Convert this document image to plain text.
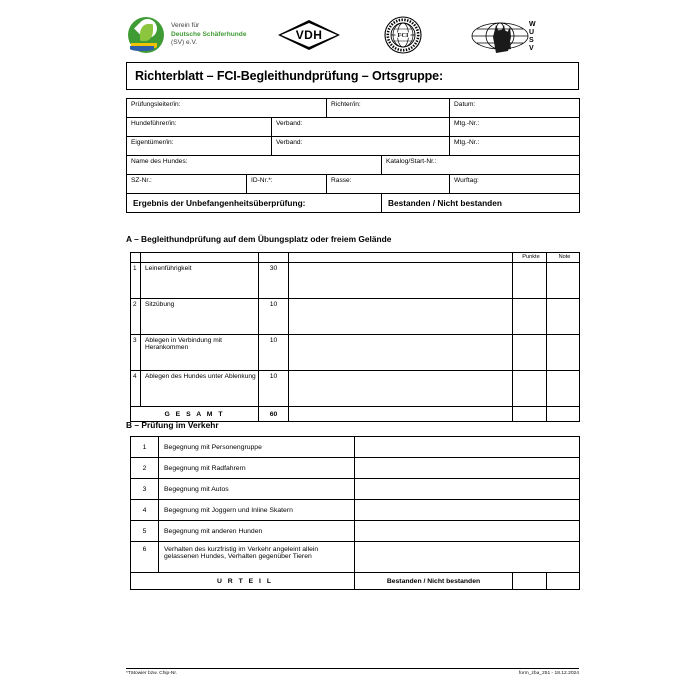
Verein für
Deutsche Schäferhunde
(SV) e.V.
VDH	FCI
W
U
S
V
Richterblatt – FCI-Begleithundprüfung – Ortsgruppe:
Prüfungsleiter/in:			Richter/in:		Datum:
Hundeführer/in:		Verband:			Mtg.-Nr.:
Eigentümer/in:		Verband:			Mtg.-Nr.:
Name des Hundes:				Katalog/Start-Nr.:	
SZ-Nr.:	ID-Nr.*:		Rasse:		Wurftag:
Ergebnis der Unbefangenheitsüberprüfung:				Bestanden / Nicht bestanden	
A – Begleithundprüfung auf dem Übungsplatz oder freiem Gelände
				Punkte	Note
1	Leinenführigkeit	30			
2	Sitzübung	10			
3	Ablegen in Verbindung mit Herankommen	10			
4	Ablegen des Hundes unter Ablenkung	10			
G E S A M T		60			
B – Prüfung im Verkehr
1	Begegnung mit Personengruppe			
2	Begegnung mit Radfahrern			
3	Begegnung mit Autos			
4	Begegnung mit Joggern und Inline Skatern			
5	Begegnung mit anderen Hunden			
6	Verhalten des kurzfristig im Verkehr angeleint allein gelassenen Hundes, Verhalten gegenüber Tieren			
U R T E I L		Bestanden / Nicht bestanden		
*Tätowier bzw. Chip-Nr.	form_zba_251 - 18.12.2024
